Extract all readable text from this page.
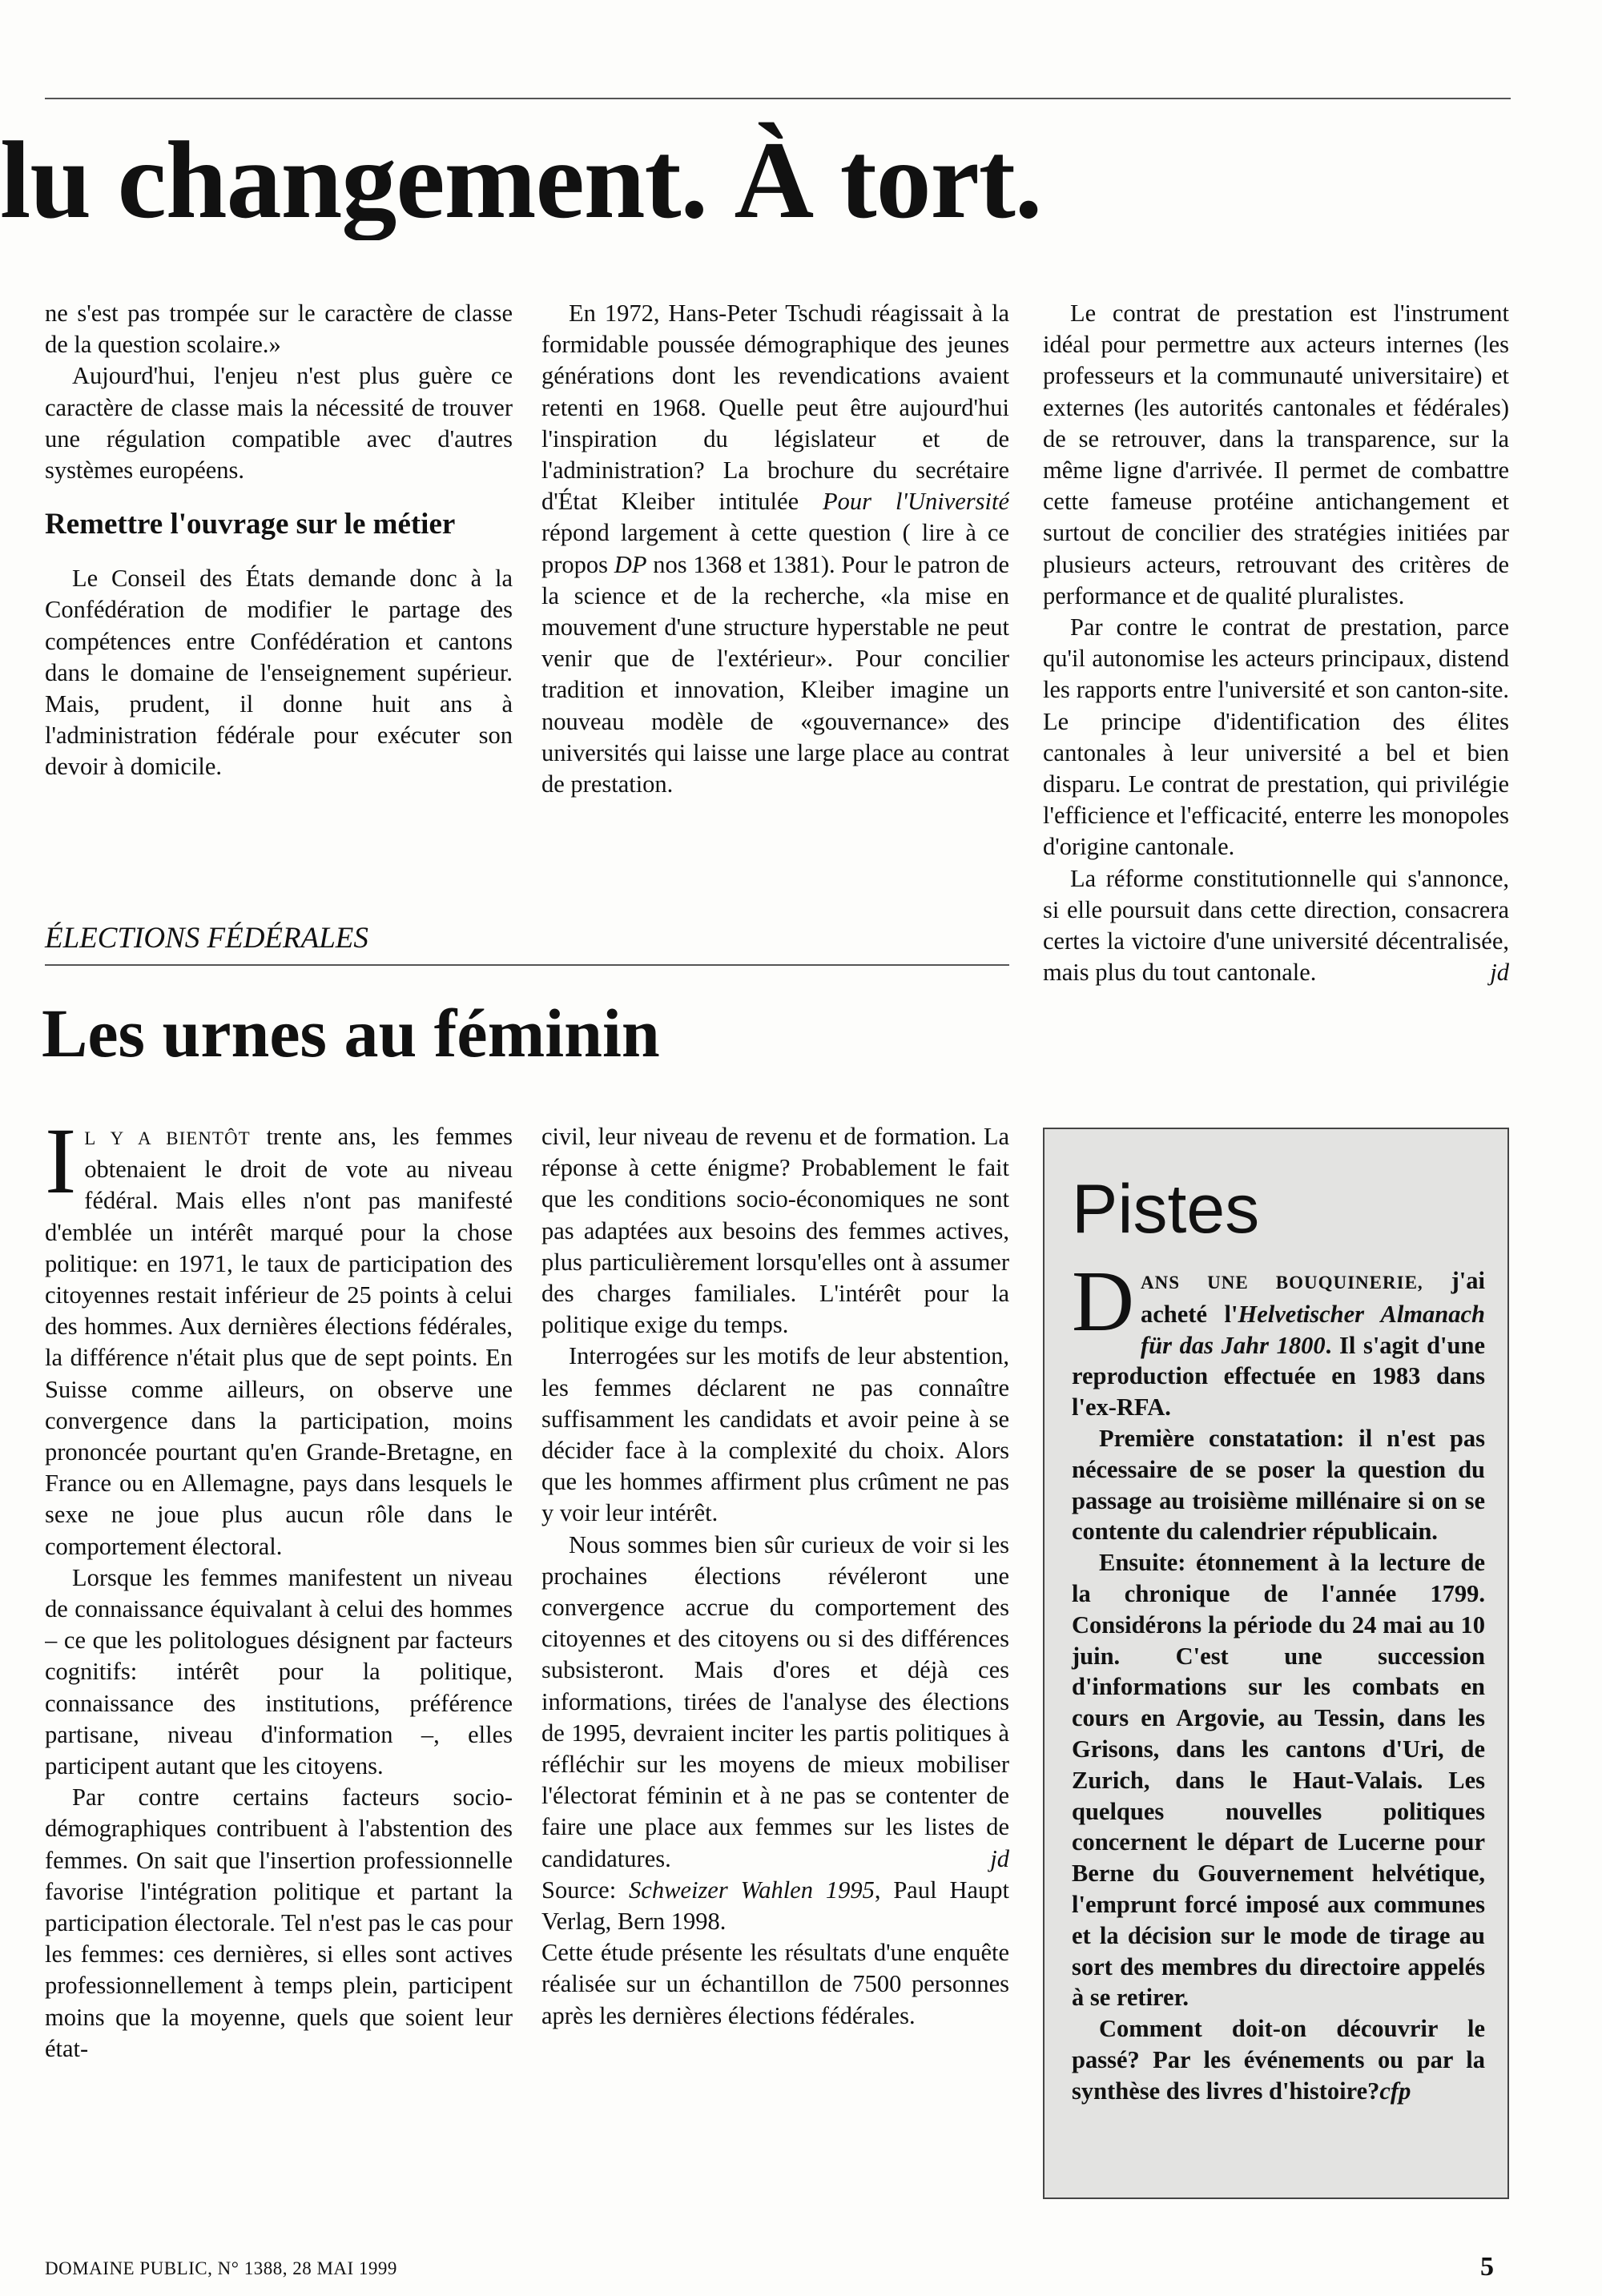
lu changement. À tort.

ne s'est pas trompée sur le caractère de classe de la question scolaire.»

Aujourd'hui, l'enjeu n'est plus guère ce caractère de classe mais la nécessité de trouver une régulation compatible avec d'autres systèmes européens.

Remettre l'ouvrage sur le métier

Le Conseil des États demande donc à la Confédération de modifier le partage des compétences entre Confédération et cantons dans le domaine de l'enseignement supérieur. Mais, prudent, il donne huit ans à l'administration fédérale pour exécuter son devoir à domicile.

En 1972, Hans-Peter Tschudi réagissait à la formidable poussée démographique des jeunes générations dont les revendications avaient retenti en 1968. Quelle peut être aujourd'hui l'inspiration du législateur et de l'administration? La brochure du secrétaire d'État Kleiber intitulée Pour l'Université répond largement à cette question ( lire à ce propos DP nos 1368 et 1381). Pour le patron de la science et de la recherche, «la mise en mouvement d'une structure hyperstable ne peut venir que de l'extérieur». Pour concilier tradition et innovation, Kleiber imagine un nouveau modèle de «gouvernance» des universités qui laisse une large place au contrat de prestation.

Le contrat de prestation est l'instrument idéal pour permettre aux acteurs internes (les professeurs et la communauté universitaire) et externes (les autorités cantonales et fédérales) de se retrouver, dans la transparence, sur la même ligne d'arrivée. Il permet de combattre cette fameuse protéine antichangement et surtout de concilier des stratégies initiées par plusieurs acteurs, retrouvant des critères de performance et de qualité pluralistes.

Par contre le contrat de prestation, parce qu'il autonomise les acteurs principaux, distend les rapports entre l'université et son canton-site. Le principe d'identification des élites cantonales à leur université a bel et bien disparu. Le contrat de prestation, qui privilégie l'efficience et l'efficacité, enterre les monopoles d'origine cantonale.

La réforme constitutionnelle qui s'annonce, si elle poursuit dans cette direction, consacrera certes la victoire d'une université décentralisée, mais plus du tout cantonale.	jd

ÉLECTIONS FÉDÉRALES
Les urnes au féminin

IL Y A BIENTÔT trente ans, les femmes obtenaient le droit de vote au niveau fédéral. Mais elles n'ont pas manifesté d'emblée un intérêt marqué pour la chose politique: en 1971, le taux de participation des citoyennes restait inférieur de 25 points à celui des hommes. Aux dernières élections fédérales, la différence n'était plus que de sept points. En Suisse comme ailleurs, on observe une convergence dans la participation, moins prononcée pourtant qu'en Grande-Bretagne, en France ou en Allemagne, pays dans lesquels le sexe ne joue plus aucun rôle dans le comportement électoral.

Lorsque les femmes manifestent un niveau de connaissance équivalant à celui des hommes – ce que les politologues désignent par facteurs cognitifs: intérêt pour la politique, connaissance des institutions, préférence partisane, niveau d'information –, elles participent autant que les citoyens.

Par contre certains facteurs socio-démographiques contribuent à l'abstention des femmes. On sait que l'insertion professionnelle favorise l'intégration politique et partant la participation électorale. Tel n'est pas le cas pour les femmes: ces dernières, si elles sont actives professionnellement à temps plein, participent moins que la moyenne, quels que soient leur état-

civil, leur niveau de revenu et de formation. La réponse à cette énigme? Probablement le fait que les conditions socio-économiques ne sont pas adaptées aux besoins des femmes actives, plus particulièrement lorsqu'elles ont à assumer des charges familiales. L'intérêt pour la politique exige du temps.

Interrogées sur les motifs de leur abstention, les femmes déclarent ne pas connaître suffisamment les candidats et avoir peine à se décider face à la complexité du choix. Alors que les hommes affirment plus crûment ne pas y voir leur intérêt.

Nous sommes bien sûr curieux de voir si les prochaines élections révéleront une convergence accrue du comportement des citoyennes et des citoyens ou si des différences subsisteront. Mais d'ores et déjà ces informations, tirées de l'analyse des élections de 1995, devraient inciter les partis politiques à réfléchir sur les moyens de mieux mobiliser l'électorat féminin et à ne pas se contenter de faire une place aux femmes sur les listes de candidatures.	jd

Source: Schweizer Wahlen 1995, Paul Haupt Verlag, Bern 1998.

Cette étude présente les résultats d'une enquête réalisée sur un échantillon de 7500 personnes après les dernières élections fédérales.

Pistes

DANS UNE BOUQUINERIE, j'ai acheté l'Helvetischer Almanach für das Jahr 1800. Il s'agit d'une reproduction effectuée en 1983 dans l'ex-RFA.

Première constatation: il n'est pas nécessaire de se poser la question du passage au troisième millénaire si on se contente du calendrier républicain.

Ensuite: étonnement à la lecture de la chronique de l'année 1799. Considérons la période du 24 mai au 10 juin. C'est une succession d'informations sur les combats en cours en Argovie, au Tessin, dans les Grisons, dans les cantons d'Uri, de Zurich, dans le Haut-Valais. Les quelques nouvelles politiques concernent le départ de Lucerne pour Berne du Gouvernement helvétique, l'emprunt forcé imposé aux communes et la décision sur le mode de tirage au sort des membres du directoire appelés à se retirer.

Comment doit-on découvrir le passé? Par les événements ou par la synthèse des livres d'histoire?cfp

DOMAINE PUBLIC, N° 1388, 28 MAI 1999	5
